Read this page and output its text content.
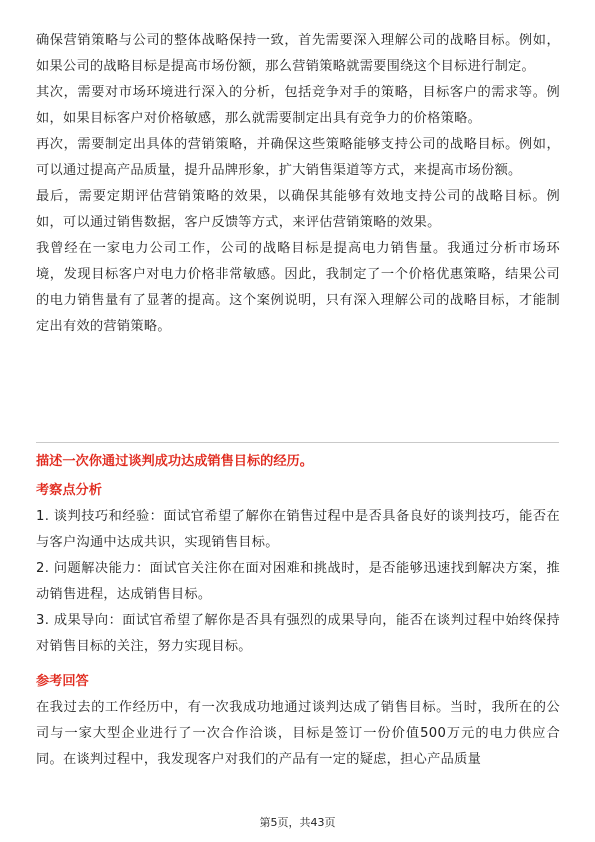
确保营销策略与公司的整体战略保持一致，首先需要深入理解公司的战略目标。例如，如果公司的战略目标是提高市场份额，那么营销策略就需要围绕这个目标进行制定。

其次，需要对市场环境进行深入的分析，包括竞争对手的策略，目标客户的需求等。例如，如果目标客户对价格敏感，那么就需要制定出具有竞争力的价格策略。

再次，需要制定出具体的营销策略，并确保这些策略能够支持公司的战略目标。例如，可以通过提高产品质量，提升品牌形象，扩大销售渠道等方式，来提高市场份额。

最后，需要定期评估营销策略的效果，以确保其能够有效地支持公司的战略目标。例如，可以通过销售数据，客户反馈等方式，来评估营销策略的效果。

我曾经在一家电力公司工作，公司的战略目标是提高电力销售量。我通过分析市场环境，发现目标客户对电力价格非常敏感。因此，我制定了一个价格优惠策略，结果公司的电力销售量有了显著的提高。这个案例说明，只有深入理解公司的战略目标，才能制定出有效的营销策略。

描述一次你通过谈判成功达成销售目标的经历。
考察点分析

1. 谈判技巧和经验：面试官希望了解你在销售过程中是否具备良好的谈判技巧，能否在与客户沟通中达成共识，实现销售目标。

2. 问题解决能力：面试官关注你在面对困难和挑战时，是否能够迅速找到解决方案，推动销售进程，达成销售目标。

3. 成果导向：面试官希望了解你是否具有强烈的成果导向，能否在谈判过程中始终保持对销售目标的关注，努力实现目标。

参考回答

在我过去的工作经历中，有一次我成功地通过谈判达成了销售目标。当时，我所在的公司与一家大型企业进行了一次合作洽谈，目标是签订一份价值500万元的电力供应合同。在谈判过程中，我发现客户对我们的产品有一定的疑虑，担心产品质量

第5页，共43页
